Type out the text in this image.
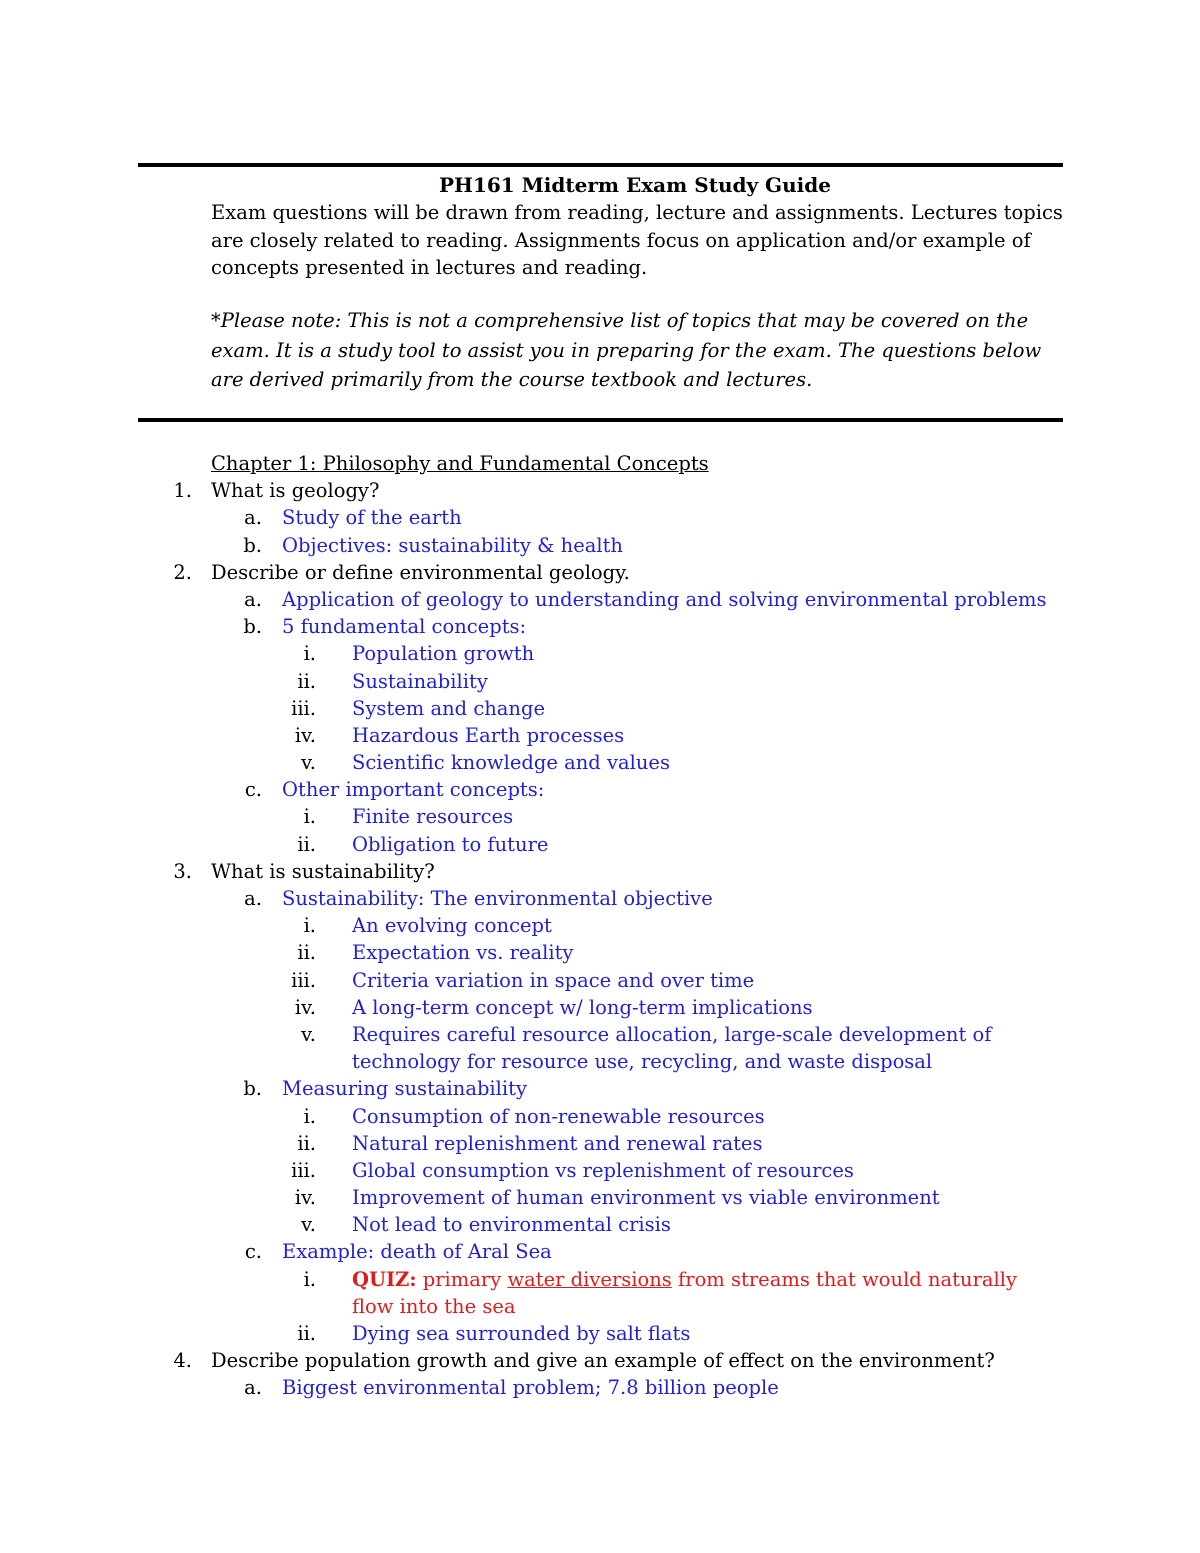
PH161 Midterm Exam Study Guide

Exam questions will be drawn from reading, lecture and assignments. Lectures topics are closely related to reading. Assignments focus on application and/or example of concepts presented in lectures and reading.

*Please note: This is not a comprehensive list of topics that may be covered on the exam. It is a study tool to assist you in preparing for the exam. The questions below are derived primarily from the course textbook and lectures.

Chapter 1: Philosophy and Fundamental Concepts
1. What is geology?
a. Study of the earth
b. Objectives: sustainability & health
2. Describe or define environmental geology.
a. Application of geology to understanding and solving environmental problems
b. 5 fundamental concepts:
i. Population growth
ii. Sustainability
iii. System and change
iv. Hazardous Earth processes
v. Scientific knowledge and values
c. Other important concepts:
i. Finite resources
ii. Obligation to future
3. What is sustainability?
a. Sustainability: The environmental objective
i. An evolving concept
ii. Expectation vs. reality
iii. Criteria variation in space and over time
iv. A long-term concept w/ long-term implications
v. Requires careful resource allocation, large-scale development of technology for resource use, recycling, and waste disposal
b. Measuring sustainability
i. Consumption of non-renewable resources
ii. Natural replenishment and renewal rates
iii. Global consumption vs replenishment of resources
iv. Improvement of human environment vs viable environment
v. Not lead to environmental crisis
c. Example: death of Aral Sea
i. QUIZ: primary water diversions from streams that would naturally flow into the sea
ii. Dying sea surrounded by salt flats
4. Describe population growth and give an example of effect on the environment?
a. Biggest environmental problem; 7.8 billion people
